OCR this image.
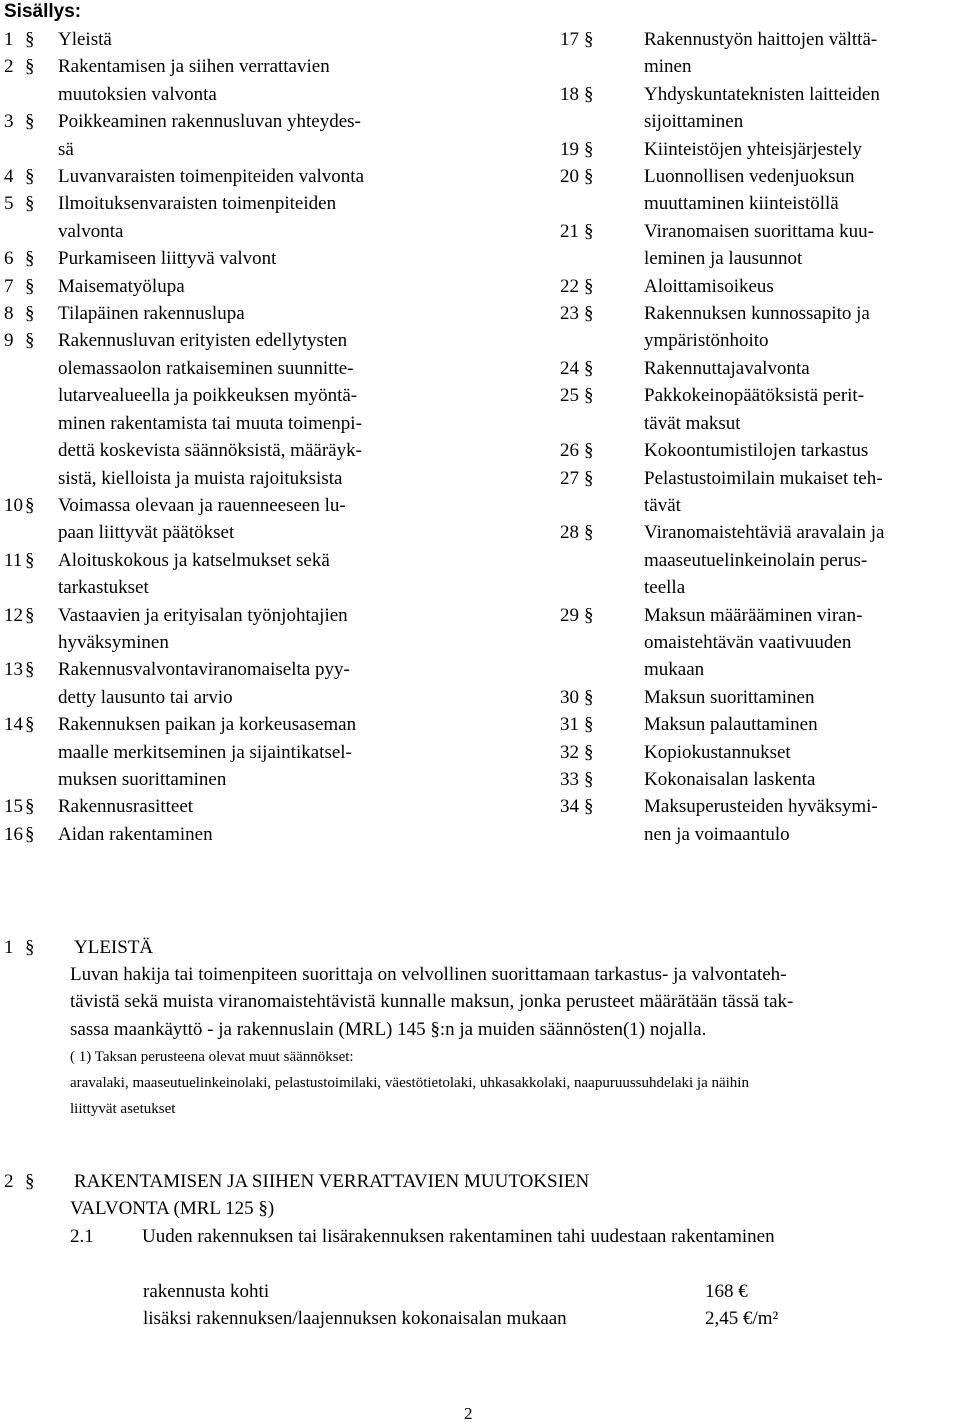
Sisällys:
1 §	Yleistä
2 §	Rakentamisen ja siihen verrattavien
muutoksien valvonta
3 §	Poikkeaminen rakennusluvan yhteydes-
sä
4 §	Luvanvaraisten toimenpiteiden valvonta
5 §	Ilmoituksenvaraisten toimenpiteiden
valvonta
6 §	Purkamiseen liittyvä valvont
7 §	Maisematyölupa
8 §	Tilapäinen rakennuslupa
9 §	Rakennusluvan erityisten edellytysten
olemassaolon ratkaiseminen suunnitte-
lutarvealueella ja poikkeuksen myöntä-
minen rakentamista tai muuta toimenpi-
dettä koskevista säännöksistä, määräyk-
sistä, kielloista ja muista rajoituksista
10 §	Voimassa olevaan ja rauenneeseen lu-
paan liittyvät päätökset
11 §	Aloituskokous ja katselmukset sekä
tarkastukset
12 §	Vastaavien ja erityisalan työnjohtajien
hyväksyminen
13 §	Rakennusvalvontaviranomaiselta pyy-
detty lausunto tai arvio
14 §	Rakennuksen paikan ja korkeusaseman
maalle merkitseminen ja sijaintikatsel-
muksen suorittaminen
15 §	Rakennusrasitteet
16 §	Aidan rakentaminen
17 §	Rakennustyön haittojen välttä-
minen
18 §	Yhdyskuntateknisten laitteiden
sijoittaminen
19 §	Kiinteistöjen yhteisjärjestely
20 §	Luonnollisen vedenjuoksun
muuttaminen kiinteistöllä
21 §	Viranomaisen suorittama kuu-
leminen ja lausunnot
22 §	Aloittamisoikeus
23 §	Rakennuksen kunnossapito ja
ympäristönhoito
24 §	Rakennuttajavalvonta
25 §	Pakkokeinopäätöksistä perit-
tävät maksut
26 §	Kokoontumistilojen tarkastus
27 §	Pelastustoimilain mukaiset teh-
tävät
28 §	Viranomaistehtäviä aravalain ja
maaseutuelinkeinolain perus-
teella
29 §	Maksun määrääminen viran-
omaistehtävän vaativuuden
mukaan
30 §	Maksun suorittaminen
31 §	Maksun palauttaminen
32 §	Kopiokustannukset
33 §	Kokonaisalan laskenta
34 §	Maksuperusteiden hyväksymi-
nen ja voimaantulo
1 § YLEISTÄ
Luvan hakija tai toimenpiteen suorittaja on velvollinen suorittamaan tarkastus- ja valvontateh-
tävistä sekä muista viranomaistehtävistä kunnalle maksun, jonka perusteet määrätään tässä tak-
sassa maankäyttö - ja rakennuslain (MRL) 145 §:n ja muiden säännösten(1) nojalla.
( 1) Taksan perusteena olevat muut säännökset:
aravalaki, maaseutuelinkeinolaki, pelastustoimilaki, väestötietolaki, uhkasakkolaki, naapuruussuhdelaki ja näihin
liittyvät asetukset
2 § RAKENTAMISEN JA SIIHEN VERRATTAVIEN MUUTOKSIEN
VALVONTA (MRL 125 §)
2.1	Uuden rakennuksen tai lisärakennuksen rakentaminen tahi uudestaan rakentaminen
rakennusta kohti	168 €
lisäksi rakennuksen/laajennuksen kokonaisalan mukaan	2,45 €/m²
2
